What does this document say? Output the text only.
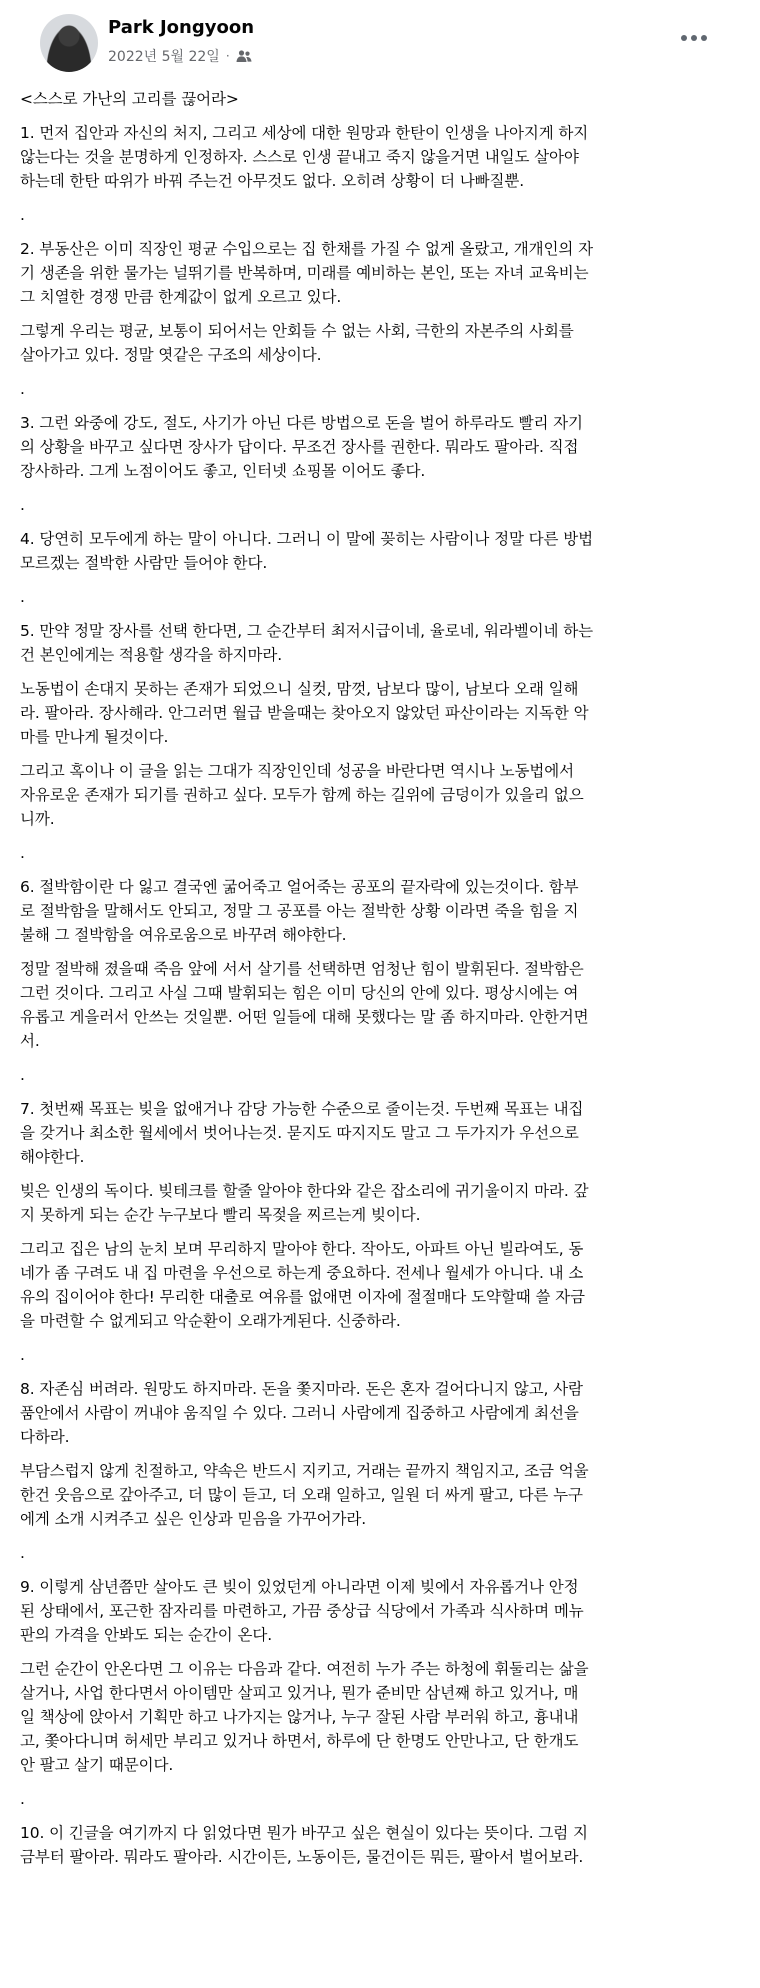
Park Jongyoon
2022년 5월 22일 ·
<스스로 가난의 고리를 끊어라>
1. 먼저 집안과 자신의 처지, 그리고 세상에 대한 원망과 한탄이 인생을 나아지게 하지
않는다는 것을 분명하게 인정하자. 스스로 인생 끝내고 죽지 않을거면 내일도 살아야
하는데 한탄 따위가 바꿔 주는건 아무것도 없다. 오히려 상황이 더 나빠질뿐.
.
2. 부동산은 이미 직장인 평균 수입으로는 집 한채를 가질 수 없게 올랐고, 개개인의 자
기 생존을 위한 물가는 널뛰기를 반복하며, 미래를 예비하는 본인, 또는 자녀 교육비는
그 치열한 경쟁 만큼 한계값이 없게 오르고 있다.
그렇게 우리는 평균, 보통이 되어서는 안회들 수 없는 사회, 극한의 자본주의 사회를
살아가고 있다. 정말 엿같은 구조의 세상이다.
.
3. 그런 와중에 강도, 절도, 사기가 아닌 다른 방법으로 돈을 벌어 하루라도 빨리 자기
의 상황을 바꾸고 싶다면 장사가 답이다. 무조건 장사를 권한다. 뭐라도 팔아라. 직접
장사하라. 그게 노점이어도 좋고, 인터넷 쇼핑몰 이어도 좋다.
.
4. 당연히 모두에게 하는 말이 아니다. 그러니 이 말에 꽂히는 사람이나 정말 다른 방법
모르겠는 절박한 사람만 들어야 한다.
.
5. 만약 정말 장사를 선택 한다면, 그 순간부터 최저시급이네, 율로네, 워라벨이네 하는
건 본인에게는 적용할 생각을 하지마라.
노동법이 손대지 못하는 존재가 되었으니 실컷, 맘껏, 남보다 많이, 남보다 오래 일해
라. 팔아라. 장사해라. 안그러면 월급 받을때는 찾아오지 않았던 파산이라는 지독한 악
마를 만나게 될것이다.
그리고 혹이나 이 글을 읽는 그대가 직장인인데 성공을 바란다면 역시나 노동법에서
자유로운 존재가 되기를 권하고 싶다. 모두가 함께 하는 길위에 금덩이가 있을리 없으
니까.
.
6. 절박함이란 다 잃고 결국엔 굶어죽고 얼어죽는 공포의 끝자락에 있는것이다. 함부
로 절박함을 말해서도 안되고, 정말 그 공포를 아는 절박한 상황 이라면 죽을 힘을 지
불해 그 절박함을 여유로움으로 바꾸려 해야한다.
정말 절박해 졌을때 죽음 앞에 서서 살기를 선택하면 엄청난 힘이 발휘된다. 절박함은
그런 것이다. 그리고 사실 그때 발휘되는 힘은 이미 당신의 안에 있다. 평상시에는 여
유롭고 게을러서 안쓰는 것일뿐. 어떤 일들에 대해 못했다는 말 좀 하지마라. 안한거면
서.
.
7. 첫번째 목표는 빚을 없애거나 감당 가능한 수준으로 줄이는것. 두번째 목표는 내집
을 갖거나 최소한 월세에서 벗어나는것. 묻지도 따지지도 말고 그 두가지가 우선으로
해야한다.
빚은 인생의 독이다. 빚테크를 할줄 알아야 한다와 같은 잡소리에 귀기울이지 마라. 갚
지 못하게 되는 순간 누구보다 빨리 목젖을 찌르는게 빚이다.
그리고 집은 남의 눈치 보며 무리하지 말아야 한다. 작아도, 아파트 아닌 빌라여도, 동
네가 좀 구려도 내 집 마련을 우선으로 하는게 중요하다. 전세나 월세가 아니다. 내 소
유의 집이어야 한다! 무리한 대출로 여유를 없애면 이자에 절절매다 도약할때 쓸 자금
을 마련할 수 없게되고 악순환이 오래가게된다. 신중하라.
.
8. 자존심 버려라. 원망도 하지마라. 돈을 쫓지마라. 돈은 혼자 걸어다니지 않고, 사람
품안에서 사람이 꺼내야 움직일 수 있다. 그러니 사람에게 집중하고 사람에게 최선을
다하라.
부담스럽지 않게 친절하고, 약속은 반드시 지키고, 거래는 끝까지 책임지고, 조금 억울
한건 웃음으로 갚아주고, 더 많이 듣고, 더 오래 일하고, 일원 더 싸게 팔고, 다른 누구
에게 소개 시켜주고 싶은 인상과 믿음을 가꾸어가라.
.
9. 이렇게 삼년쯤만 살아도 큰 빚이 있었던게 아니라면 이제 빚에서 자유롭거나 안정
된 상태에서, 포근한 잠자리를 마련하고, 가끔 중상급 식당에서 가족과 식사하며 메뉴
판의 가격을 안봐도 되는 순간이 온다.
그런 순간이 안온다면 그 이유는 다음과 같다. 여전히 누가 주는 하청에 휘둘리는 삶을
살거나, 사업 한다면서 아이템만 살피고 있거나, 뭔가 준비만 삼년째 하고 있거나, 매
일 책상에 앉아서 기획만 하고 나가지는 않거나, 누구 잘된 사람 부러워 하고, 흉내내
고, 쫓아다니며 허세만 부리고 있거나 하면서, 하루에 단 한명도 안만나고, 단 한개도
안 팔고 살기 때문이다.
.
10. 이 긴글을 여기까지 다 읽었다면 뭔가 바꾸고 싶은 현실이 있다는 뜻이다. 그럼 지
금부터 팔아라. 뭐라도 팔아라. 시간이든, 노동이든, 물건이든 뭐든, 팔아서 벌어보라.
